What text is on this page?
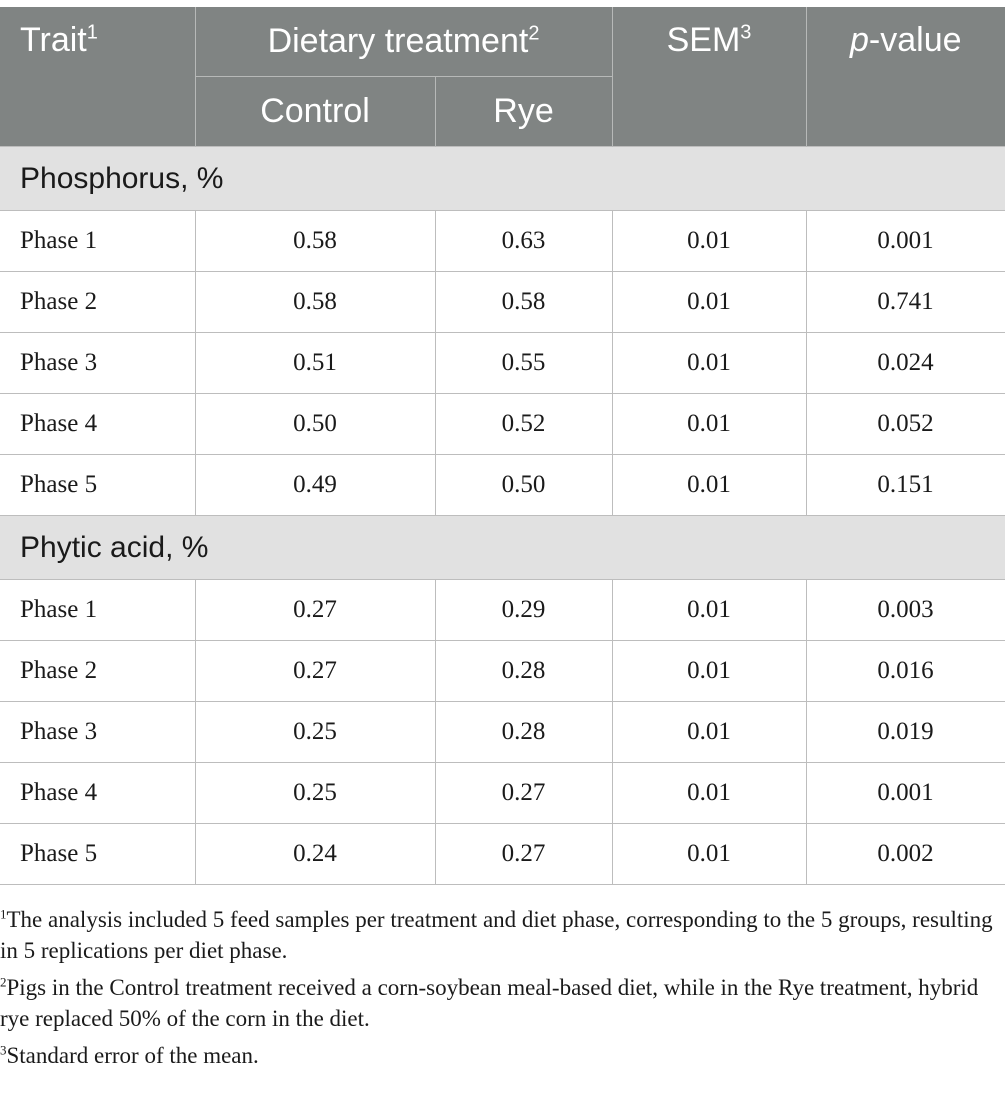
Trait$^1$	Dietary treatment$^2$		SEM$^3$	p-value
	Control	Rye		
Phosphorus, %				
Phase 1	0.58	0.63	0.01	0.001
Phase 2	0.58	0.58	0.01	0.741
Phase 3	0.51	0.55	0.01	0.024
Phase 4	0.50	0.52	0.01	0.052
Phase 5	0.49	0.50	0.01	0.151
Phytic acid, %				
Phase 1	0.27	0.29	0.01	0.003
Phase 2	0.27	0.28	0.01	0.016
Phase 3	0.25	0.28	0.01	0.019
Phase 4	0.25	0.27	0.01	0.001
Phase 5	0.24	0.27	0.01	0.002

$^1$The analysis included 5 feed samples per treatment and diet phase, corresponding to the 5 groups, resulting in 5 replications per diet phase.

$^2$Pigs in the Control treatment received a corn-soybean meal-based diet, while in the Rye treatment, hybrid rye replaced 50% of the corn in the diet.

$^3$Standard error of the mean.
